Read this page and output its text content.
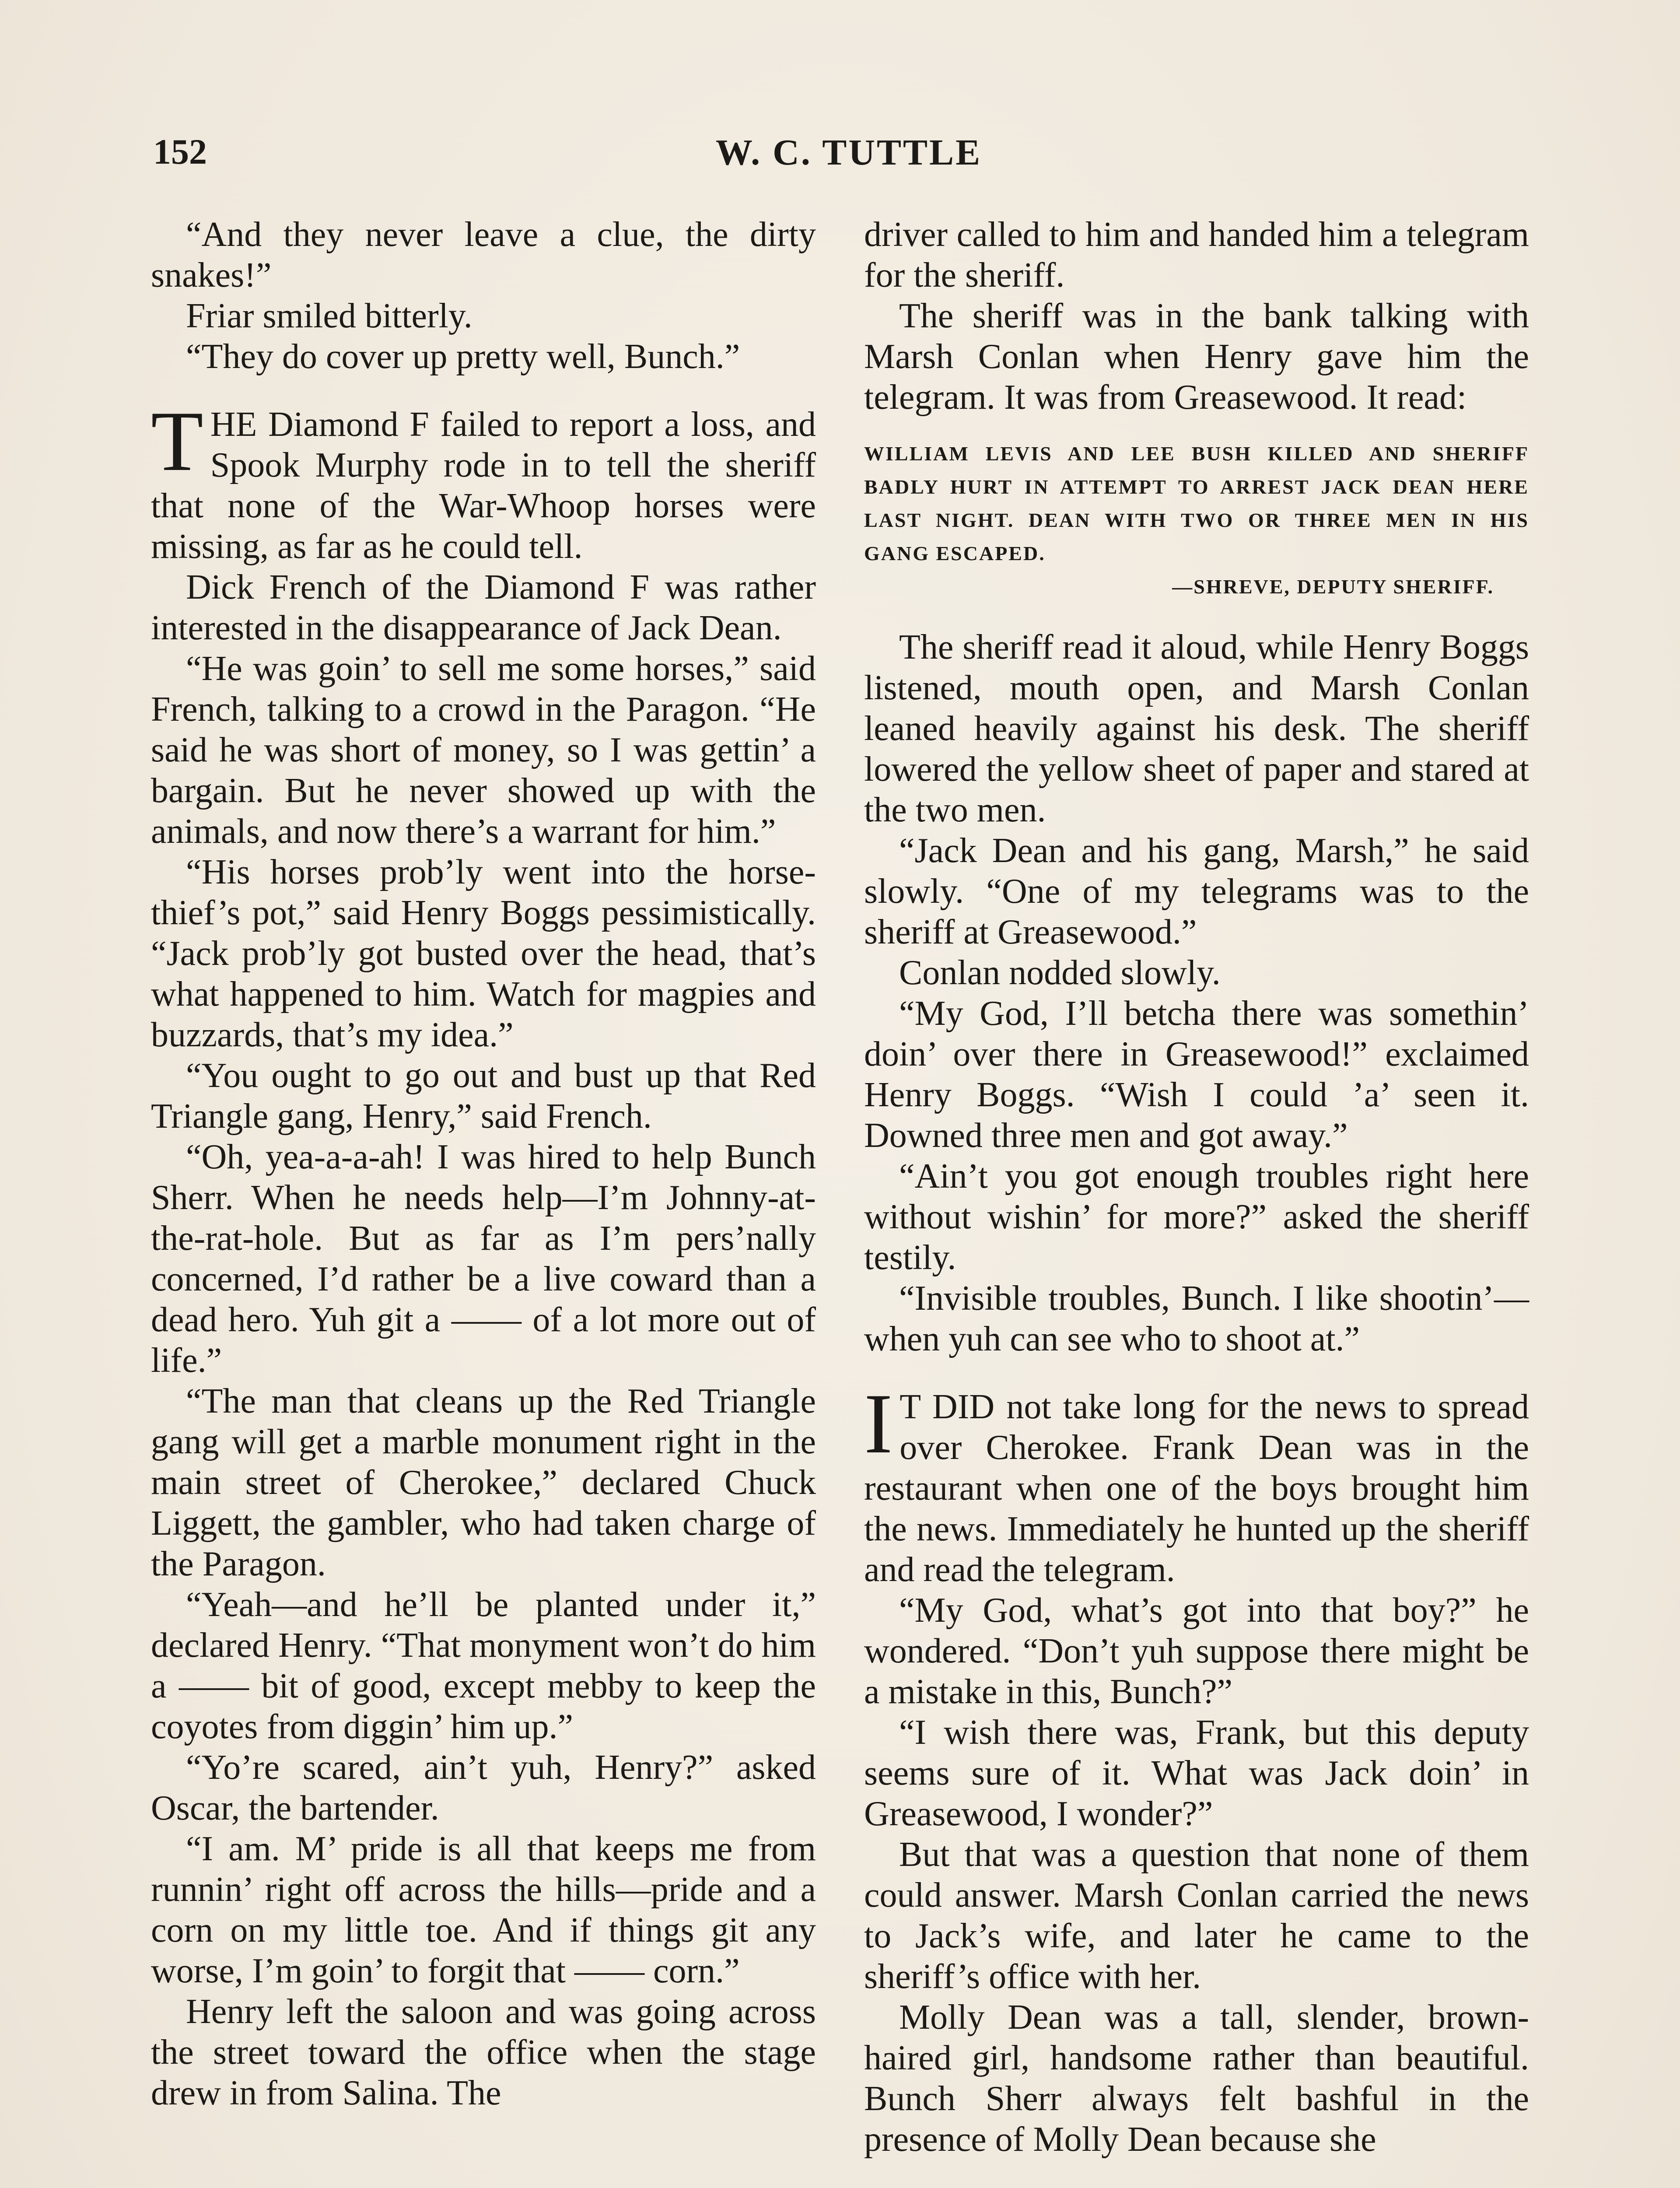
152	W. C. TUTTLE

“And they never leave a clue, the dirty snakes!”

Friar smiled bitterly.

“They do cover up pretty well, Bunch.”

THE Diamond F failed to report a loss, and Spook Murphy rode in to tell the sheriff that none of the War-Whoop horses were missing, as far as he could tell.

Dick French of the Diamond F was rather interested in the disappearance of Jack Dean.

“He was goin’ to sell me some horses,” said French, talking to a crowd in the Paragon. “He said he was short of money, so I was gettin’ a bargain. But he never showed up with the animals, and now there’s a warrant for him.”

“His horses prob’ly went into the horse-thief’s pot,” said Henry Boggs pessimistically. “Jack prob’ly got busted over the head, that’s what happened to him. Watch for magpies and buzzards, that’s my idea.”

“You ought to go out and bust up that Red Triangle gang, Henry,” said French.

“Oh, yea-a-a-ah! I was hired to help Bunch Sherr. When he needs help—I’m Johnny-at-the-rat-hole. But as far as I’m pers’nally concerned, I’d rather be a live coward than a dead hero. Yuh git a —— of a lot more out of life.”

“The man that cleans up the Red Triangle gang will get a marble monument right in the main street of Cherokee,” declared Chuck Liggett, the gambler, who had taken charge of the Paragon.

“Yeah—and he’ll be planted under it,” declared Henry. “That monyment won’t do him a —— bit of good, except mebby to keep the coyotes from diggin’ him up.”

“Yo’re scared, ain’t yuh, Henry?” asked Oscar, the bartender.

“I am. M’ pride is all that keeps me from runnin’ right off across the hills—pride and a corn on my little toe. And if things git any worse, I’m goin’ to forgit that —— corn.”

Henry left the saloon and was going across the street toward the office when the stage drew in from Salina. The

driver called to him and handed him a telegram for the sheriff.

The sheriff was in the bank talking with Marsh Conlan when Henry gave him the telegram. It was from Greasewood. It read:

WILLIAM LEVIS AND LEE BUSH KILLED AND SHERIFF BADLY HURT IN ATTEMPT TO ARREST JACK DEAN HERE LAST NIGHT. DEAN WITH TWO OR THREE MEN IN HIS GANG ESCAPED.
—SHREVE, DEPUTY SHERIFF.

The sheriff read it aloud, while Henry Boggs listened, mouth open, and Marsh Conlan leaned heavily against his desk. The sheriff lowered the yellow sheet of paper and stared at the two men.

“Jack Dean and his gang, Marsh,” he said slowly. “One of my telegrams was to the sheriff at Greasewood.”

Conlan nodded slowly.

“My God, I’ll betcha there was somethin’ doin’ over there in Greasewood!” exclaimed Henry Boggs. “Wish I could ’a’ seen it. Downed three men and got away.”

“Ain’t you got enough troubles right here without wishin’ for more?” asked the sheriff testily.

“Invisible troubles, Bunch. I like shootin’—when yuh can see who to shoot at.”

IT DID not take long for the news to spread over Cherokee. Frank Dean was in the restaurant when one of the boys brought him the news. Immediately he hunted up the sheriff and read the telegram.

“My God, what’s got into that boy?” he wondered. “Don’t yuh suppose there might be a mistake in this, Bunch?”

“I wish there was, Frank, but this deputy seems sure of it. What was Jack doin’ in Greasewood, I wonder?”

But that was a question that none of them could answer. Marsh Conlan carried the news to Jack’s wife, and later he came to the sheriff’s office with her.

Molly Dean was a tall, slender, brown-haired girl, handsome rather than beautiful. Bunch Sherr always felt bashful in the presence of Molly Dean because she
